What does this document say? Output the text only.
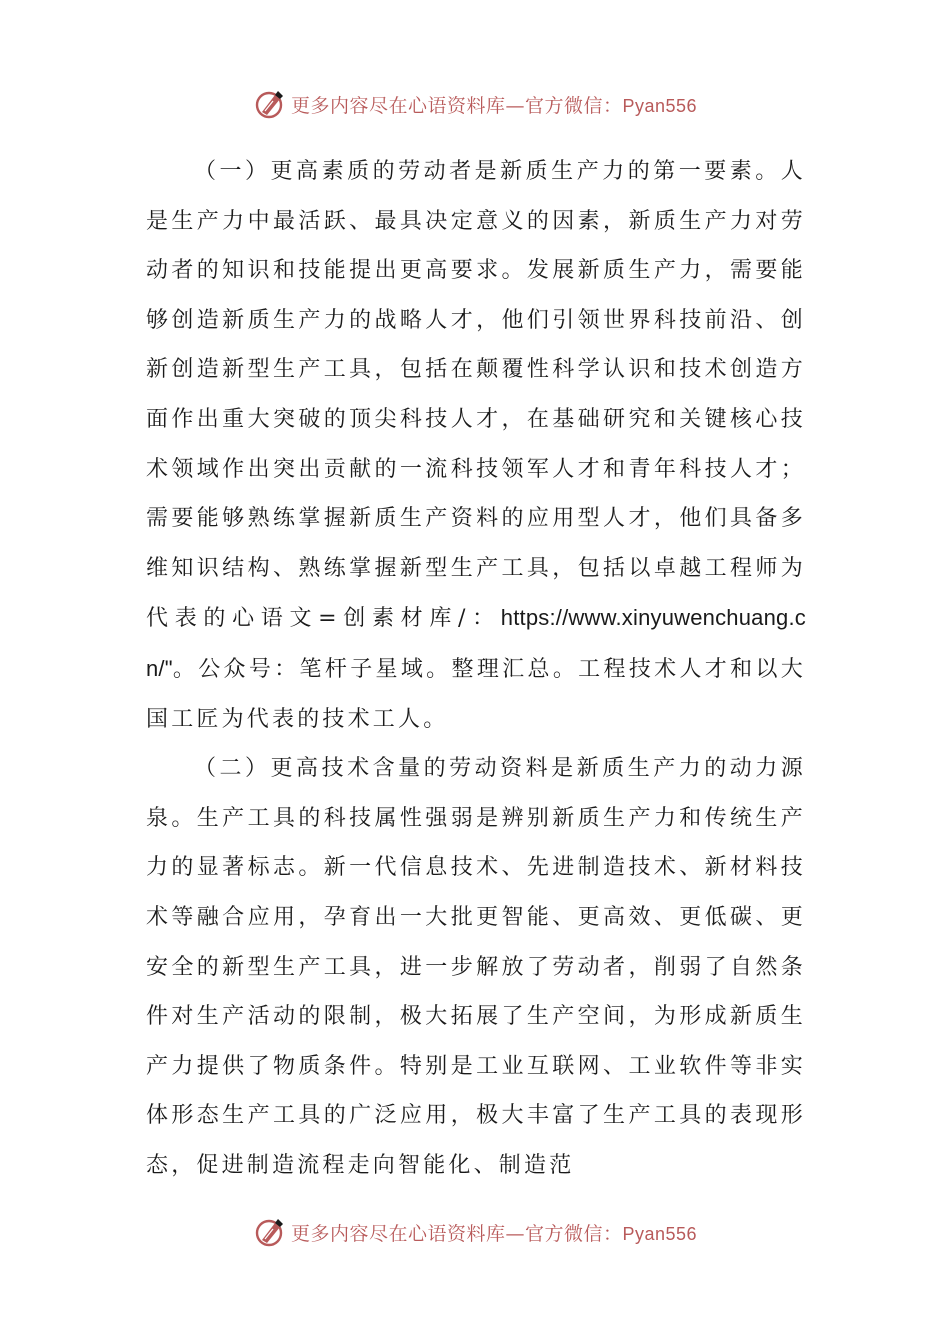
更多内容尽在心语资料库—官方微信：Pyan556

（一）更高素质的劳动者是新质生产力的第一要素。人是生产力中最活跃、最具决定意义的因素，新质生产力对劳动者的知识和技能提出更高要求。发展新质生产力，需要能够创造新质生产力的战略人才，他们引领世界科技前沿、创新创造新型生产工具，包括在颠覆性科学认识和技术创造方面作出重大突破的顶尖科技人才，在基础研究和关键核心技术领域作出突出贡献的一流科技领军人才和青年科技人才；需要能够熟练掌握新质生产资料的应用型人才，他们具备多维知识结构、熟练掌握新型生产工具，包括以卓越工程师为代表的心语文=创素材库/：https://www.xinyuwenchuang.cn/"。公众号：笔杆子星域。整理汇总。工程技术人才和以大国工匠为代表的技术工人。

（二）更高技术含量的劳动资料是新质生产力的动力源泉。生产工具的科技属性强弱是辨别新质生产力和传统生产力的显著标志。新一代信息技术、先进制造技术、新材料技术等融合应用，孕育出一大批更智能、更高效、更低碳、更安全的新型生产工具，进一步解放了劳动者，削弱了自然条件对生产活动的限制，极大拓展了生产空间，为形成新质生产力提供了物质条件。特别是工业互联网、工业软件等非实体形态生产工具的广泛应用，极大丰富了生产工具的表现形态，促进制造流程走向智能化、制造范

更多内容尽在心语资料库—官方微信：Pyan556
